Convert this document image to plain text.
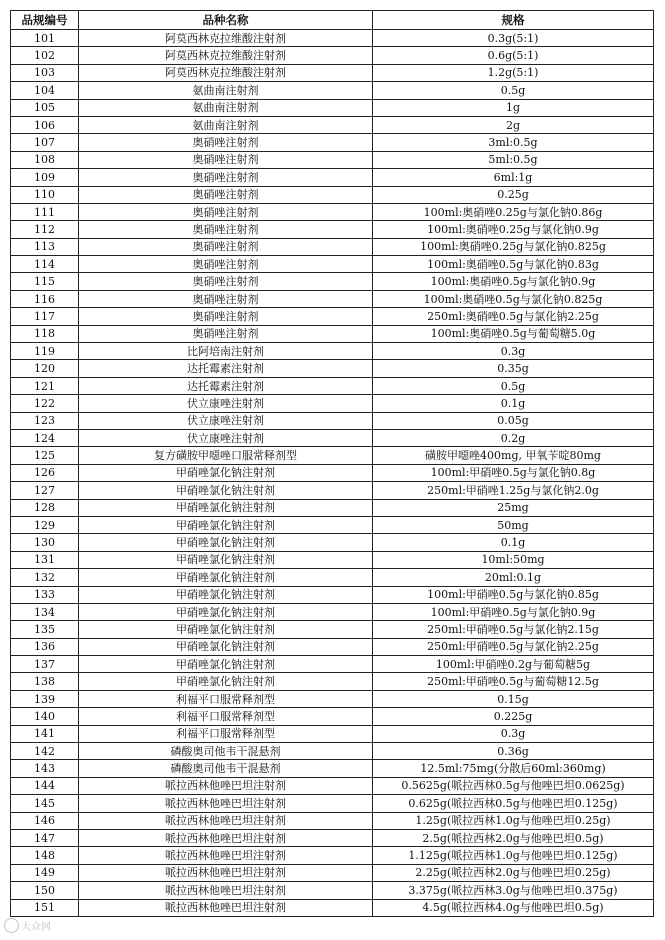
品规编号	品种名称	规格
101	阿莫西林克拉维酸注射剂	0.3g(5:1)
102	阿莫西林克拉维酸注射剂	0.6g(5:1)
103	阿莫西林克拉维酸注射剂	1.2g(5:1)
104	氨曲南注射剂	0.5g
105	氨曲南注射剂	1g
106	氨曲南注射剂	2g
107	奥硝唑注射剂	3ml:0.5g
108	奥硝唑注射剂	5ml:0.5g
109	奥硝唑注射剂	6ml:1g
110	奥硝唑注射剂	0.25g
111	奥硝唑注射剂	100ml:奥硝唑0.25g与氯化钠0.86g
112	奥硝唑注射剂	100ml:奥硝唑0.25g与氯化钠0.9g
113	奥硝唑注射剂	100ml:奥硝唑0.25g与氯化钠0.825g
114	奥硝唑注射剂	100ml:奥硝唑0.5g与氯化钠0.83g
115	奥硝唑注射剂	100ml:奥硝唑0.5g与氯化钠0.9g
116	奥硝唑注射剂	100ml:奥硝唑0.5g与氯化钠0.825g
117	奥硝唑注射剂	250ml:奥硝唑0.5g与氯化钠2.25g
118	奥硝唑注射剂	100ml:奥硝唑0.5g与葡萄糖5.0g
119	比阿培南注射剂	0.3g
120	达托霉素注射剂	0.35g
121	达托霉素注射剂	0.5g
122	伏立康唑注射剂	0.1g
123	伏立康唑注射剂	0.05g
124	伏立康唑注射剂	0.2g
125	复方磺胺甲噁唑口服常释剂型	磺胺甲噁唑400mg, 甲氧苄啶80mg
126	甲硝唑氯化钠注射剂	100ml:甲硝唑0.5g与氯化钠0.8g
127	甲硝唑氯化钠注射剂	250ml:甲硝唑1.25g与氯化钠2.0g
128	甲硝唑氯化钠注射剂	25mg
129	甲硝唑氯化钠注射剂	50mg
130	甲硝唑氯化钠注射剂	0.1g
131	甲硝唑氯化钠注射剂	10ml:50mg
132	甲硝唑氯化钠注射剂	20ml:0.1g
133	甲硝唑氯化钠注射剂	100ml:甲硝唑0.5g与氯化钠0.85g
134	甲硝唑氯化钠注射剂	100ml:甲硝唑0.5g与氯化钠0.9g
135	甲硝唑氯化钠注射剂	250ml:甲硝唑0.5g与氯化钠2.15g
136	甲硝唑氯化钠注射剂	250ml:甲硝唑0.5g与氯化钠2.25g
137	甲硝唑氯化钠注射剂	100ml:甲硝唑0.2g与葡萄糖5g
138	甲硝唑氯化钠注射剂	250ml:甲硝唑0.5g与葡萄糖12.5g
139	利福平口服常释剂型	0.15g
140	利福平口服常释剂型	0.225g
141	利福平口服常释剂型	0.3g
142	磷酸奥司他韦干混悬剂	0.36g
143	磷酸奥司他韦干混悬剂	12.5ml:75mg(分散后60ml:360mg)
144	哌拉西林他唑巴坦注射剂	0.5625g(哌拉西林0.5g与他唑巴坦0.0625g)
145	哌拉西林他唑巴坦注射剂	0.625g(哌拉西林0.5g与他唑巴坦0.125g)
146	哌拉西林他唑巴坦注射剂	1.25g(哌拉西林1.0g与他唑巴坦0.25g)
147	哌拉西林他唑巴坦注射剂	2.5g(哌拉西林2.0g与他唑巴坦0.5g)
148	哌拉西林他唑巴坦注射剂	1.125g(哌拉西林1.0g与他唑巴坦0.125g)
149	哌拉西林他唑巴坦注射剂	2.25g(哌拉西林2.0g与他唑巴坦0.25g)
150	哌拉西林他唑巴坦注射剂	3.375g(哌拉西林3.0g与他唑巴坦0.375g)
151	哌拉西林他唑巴坦注射剂	4.5g(哌拉西林4.0g与他唑巴坦0.5g)
大众网
